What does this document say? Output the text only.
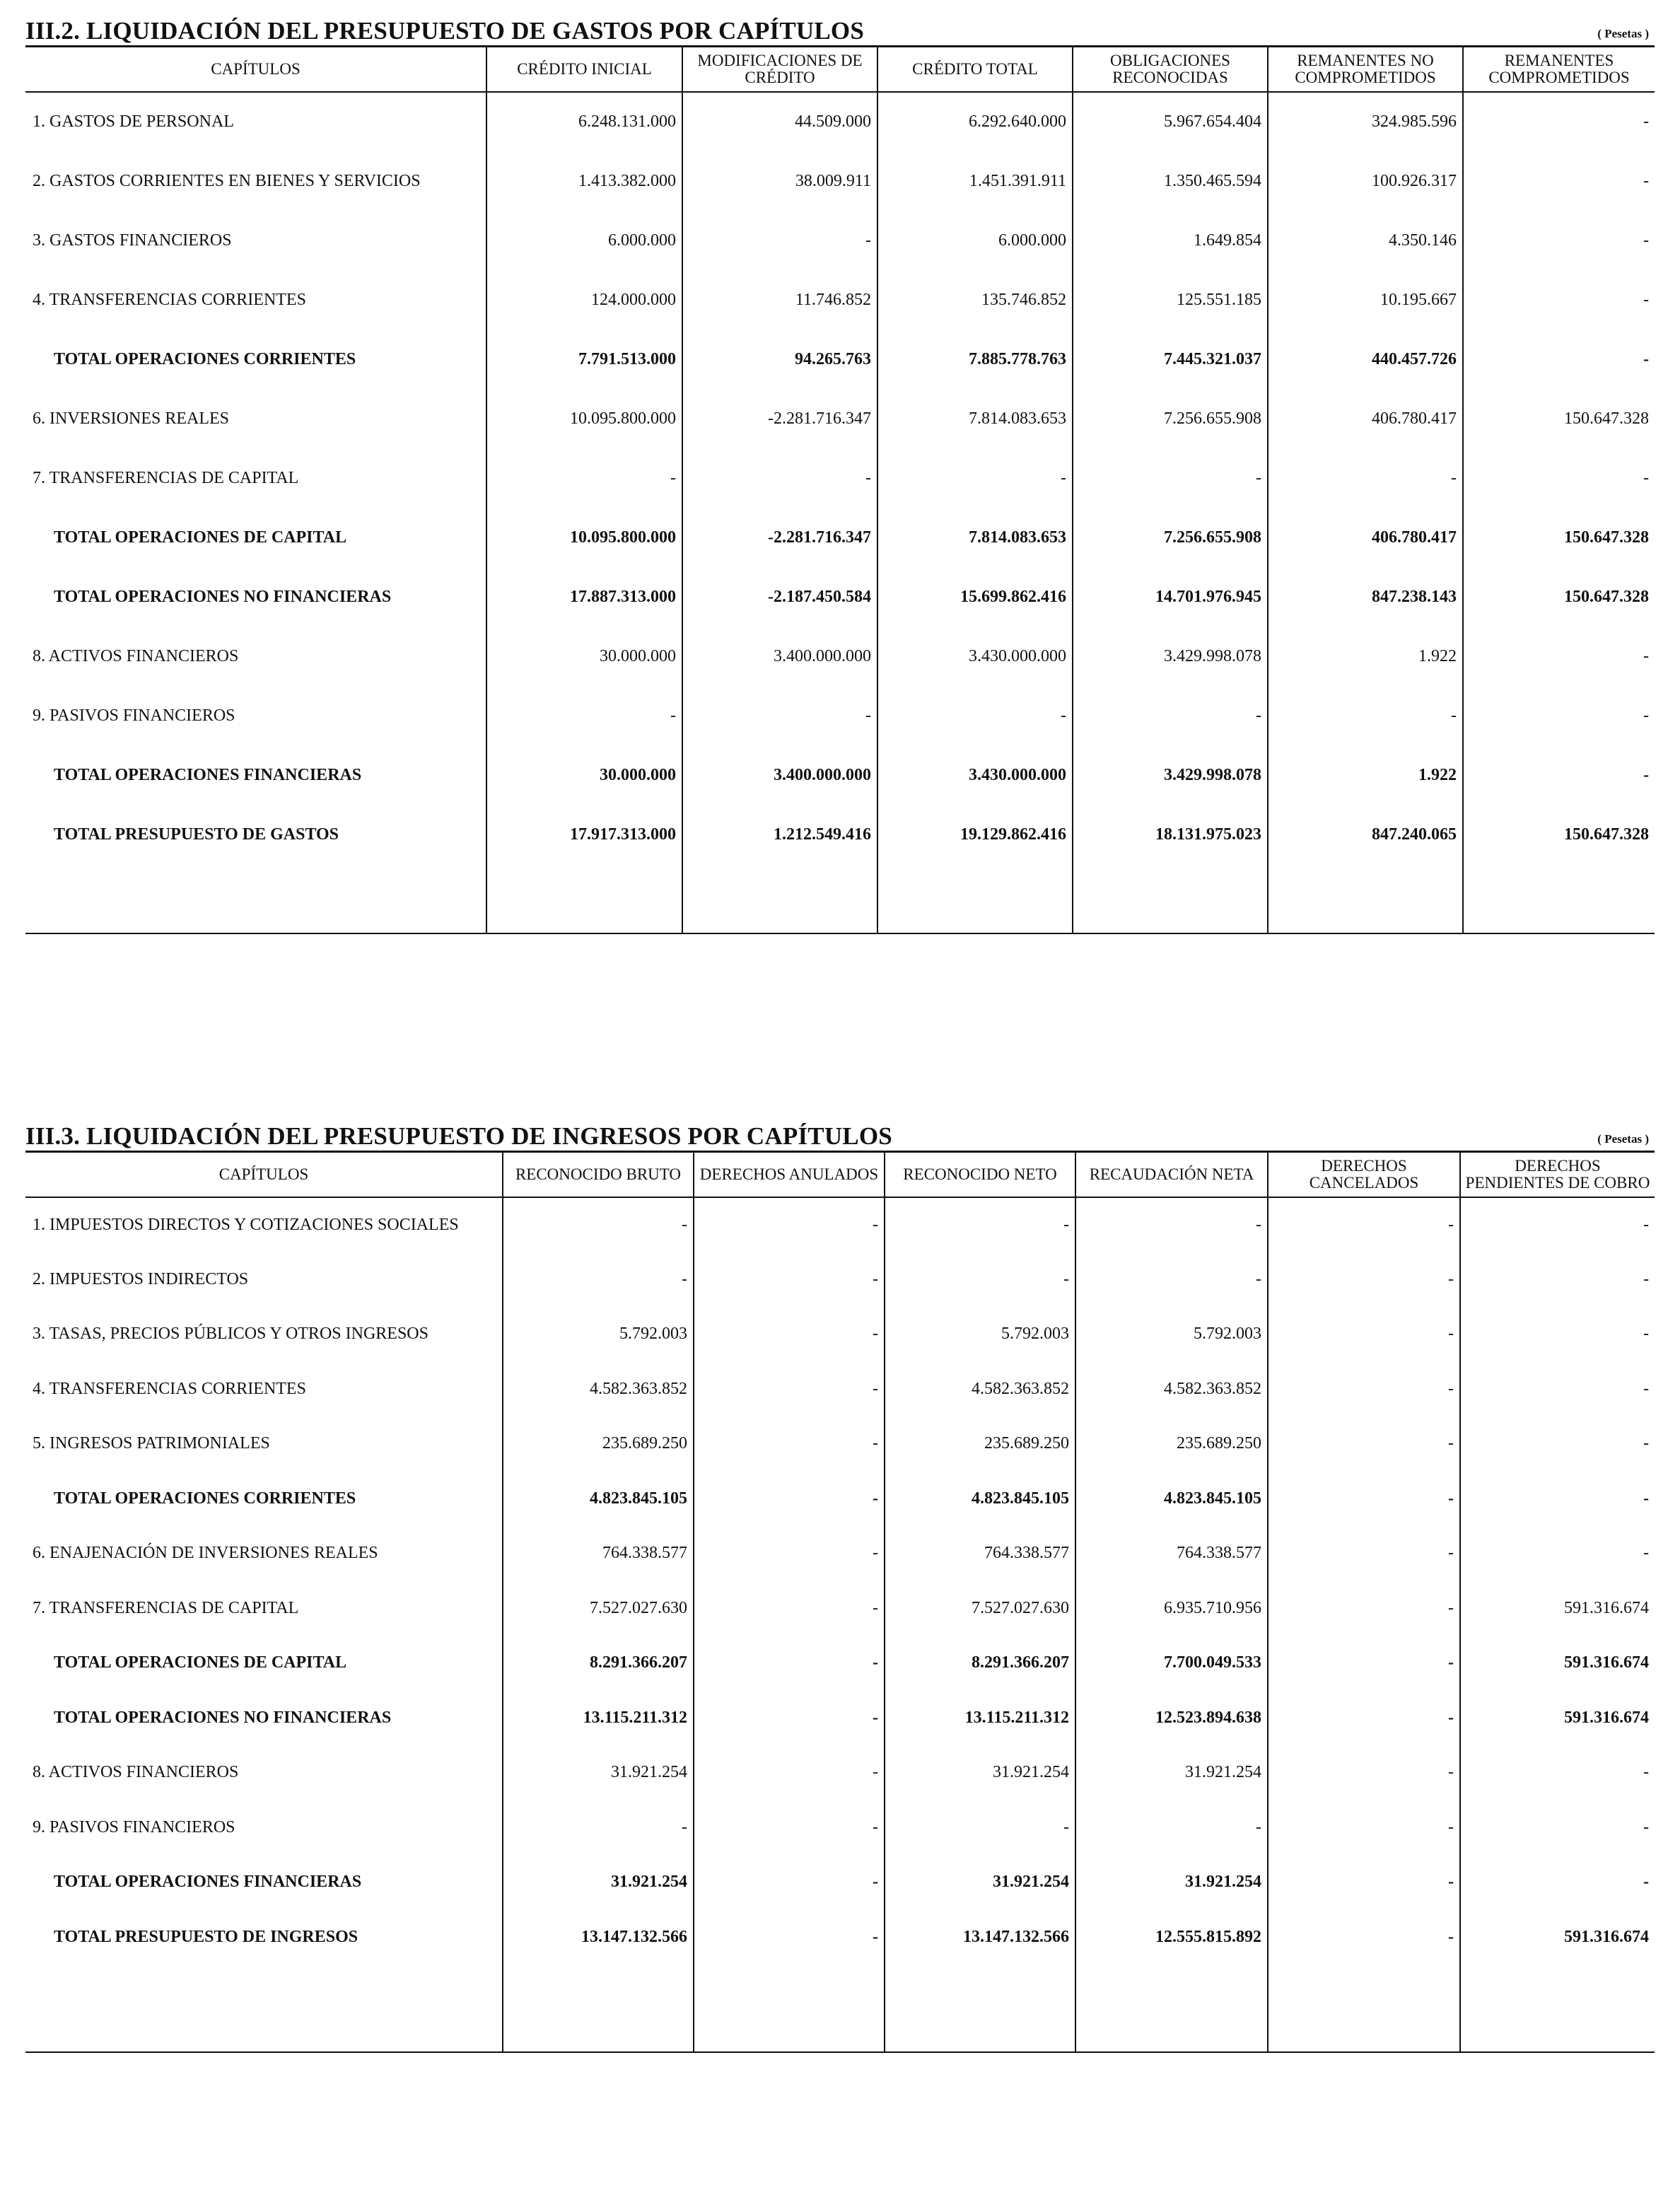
III.2. LIQUIDACIÓN DEL PRESUPUESTO DE GASTOS POR CAPÍTULOS	( Pesetas )
CAPÍTULOS	CRÉDITO INICIAL	MODIFICACIONES DE CRÉDITO	CRÉDITO TOTAL	OBLIGACIONES RECONOCIDAS	REMANENTES NO COMPROMETIDOS	REMANENTES COMPROMETIDOS
1. GASTOS DE PERSONAL	6.248.131.000	44.509.000	6.292.640.000	5.967.654.404	324.985.596	-
2. GASTOS CORRIENTES EN BIENES Y SERVICIOS	1.413.382.000	38.009.911	1.451.391.911	1.350.465.594	100.926.317	-
3. GASTOS FINANCIEROS	6.000.000	-	6.000.000	1.649.854	4.350.146	-
4. TRANSFERENCIAS CORRIENTES	124.000.000	11.746.852	135.746.852	125.551.185	10.195.667	-
TOTAL OPERACIONES CORRIENTES	7.791.513.000	94.265.763	7.885.778.763	7.445.321.037	440.457.726	-
6. INVERSIONES REALES	10.095.800.000	-2.281.716.347	7.814.083.653	7.256.655.908	406.780.417	150.647.328
7. TRANSFERENCIAS DE CAPITAL	-	-	-	-	-	-
TOTAL OPERACIONES DE CAPITAL	10.095.800.000	-2.281.716.347	7.814.083.653	7.256.655.908	406.780.417	150.647.328
TOTAL OPERACIONES NO FINANCIERAS	17.887.313.000	-2.187.450.584	15.699.862.416	14.701.976.945	847.238.143	150.647.328
8. ACTIVOS FINANCIEROS	30.000.000	3.400.000.000	3.430.000.000	3.429.998.078	1.922	-
9. PASIVOS FINANCIEROS	-	-	-	-	-	-
TOTAL OPERACIONES FINANCIERAS	30.000.000	3.400.000.000	3.430.000.000	3.429.998.078	1.922	-
TOTAL PRESUPUESTO DE GASTOS	17.917.313.000	1.212.549.416	19.129.862.416	18.131.975.023	847.240.065	150.647.328

III.3. LIQUIDACIÓN DEL PRESUPUESTO DE INGRESOS POR CAPÍTULOS	( Pesetas )
CAPÍTULOS	RECONOCIDO BRUTO	DERECHOS ANULADOS	RECONOCIDO NETO	RECAUDACIÓN NETA	DERECHOS CANCELADOS	DERECHOS PENDIENTES DE COBRO
1. IMPUESTOS DIRECTOS Y COTIZACIONES SOCIALES	-	-	-	-	-	-
2. IMPUESTOS INDIRECTOS	-	-	-	-	-	-
3. TASAS, PRECIOS PÚBLICOS Y OTROS INGRESOS	5.792.003	-	5.792.003	5.792.003	-	-
4. TRANSFERENCIAS CORRIENTES	4.582.363.852	-	4.582.363.852	4.582.363.852	-	-
5. INGRESOS PATRIMONIALES	235.689.250	-	235.689.250	235.689.250	-	-
TOTAL OPERACIONES CORRIENTES	4.823.845.105	-	4.823.845.105	4.823.845.105	-	-
6. ENAJENACIÓN DE INVERSIONES REALES	764.338.577	-	764.338.577	764.338.577	-	-
7. TRANSFERENCIAS DE CAPITAL	7.527.027.630	-	7.527.027.630	6.935.710.956	-	591.316.674
TOTAL OPERACIONES DE CAPITAL	8.291.366.207	-	8.291.366.207	7.700.049.533	-	591.316.674
TOTAL OPERACIONES NO FINANCIERAS	13.115.211.312	-	13.115.211.312	12.523.894.638	-	591.316.674
8. ACTIVOS FINANCIEROS	31.921.254	-	31.921.254	31.921.254	-	-
9. PASIVOS FINANCIEROS	-	-	-	-	-	-
TOTAL OPERACIONES FINANCIERAS	31.921.254	-	31.921.254	31.921.254	-	-
TOTAL PRESUPUESTO DE INGRESOS	13.147.132.566	-	13.147.132.566	12.555.815.892	-	591.316.674
